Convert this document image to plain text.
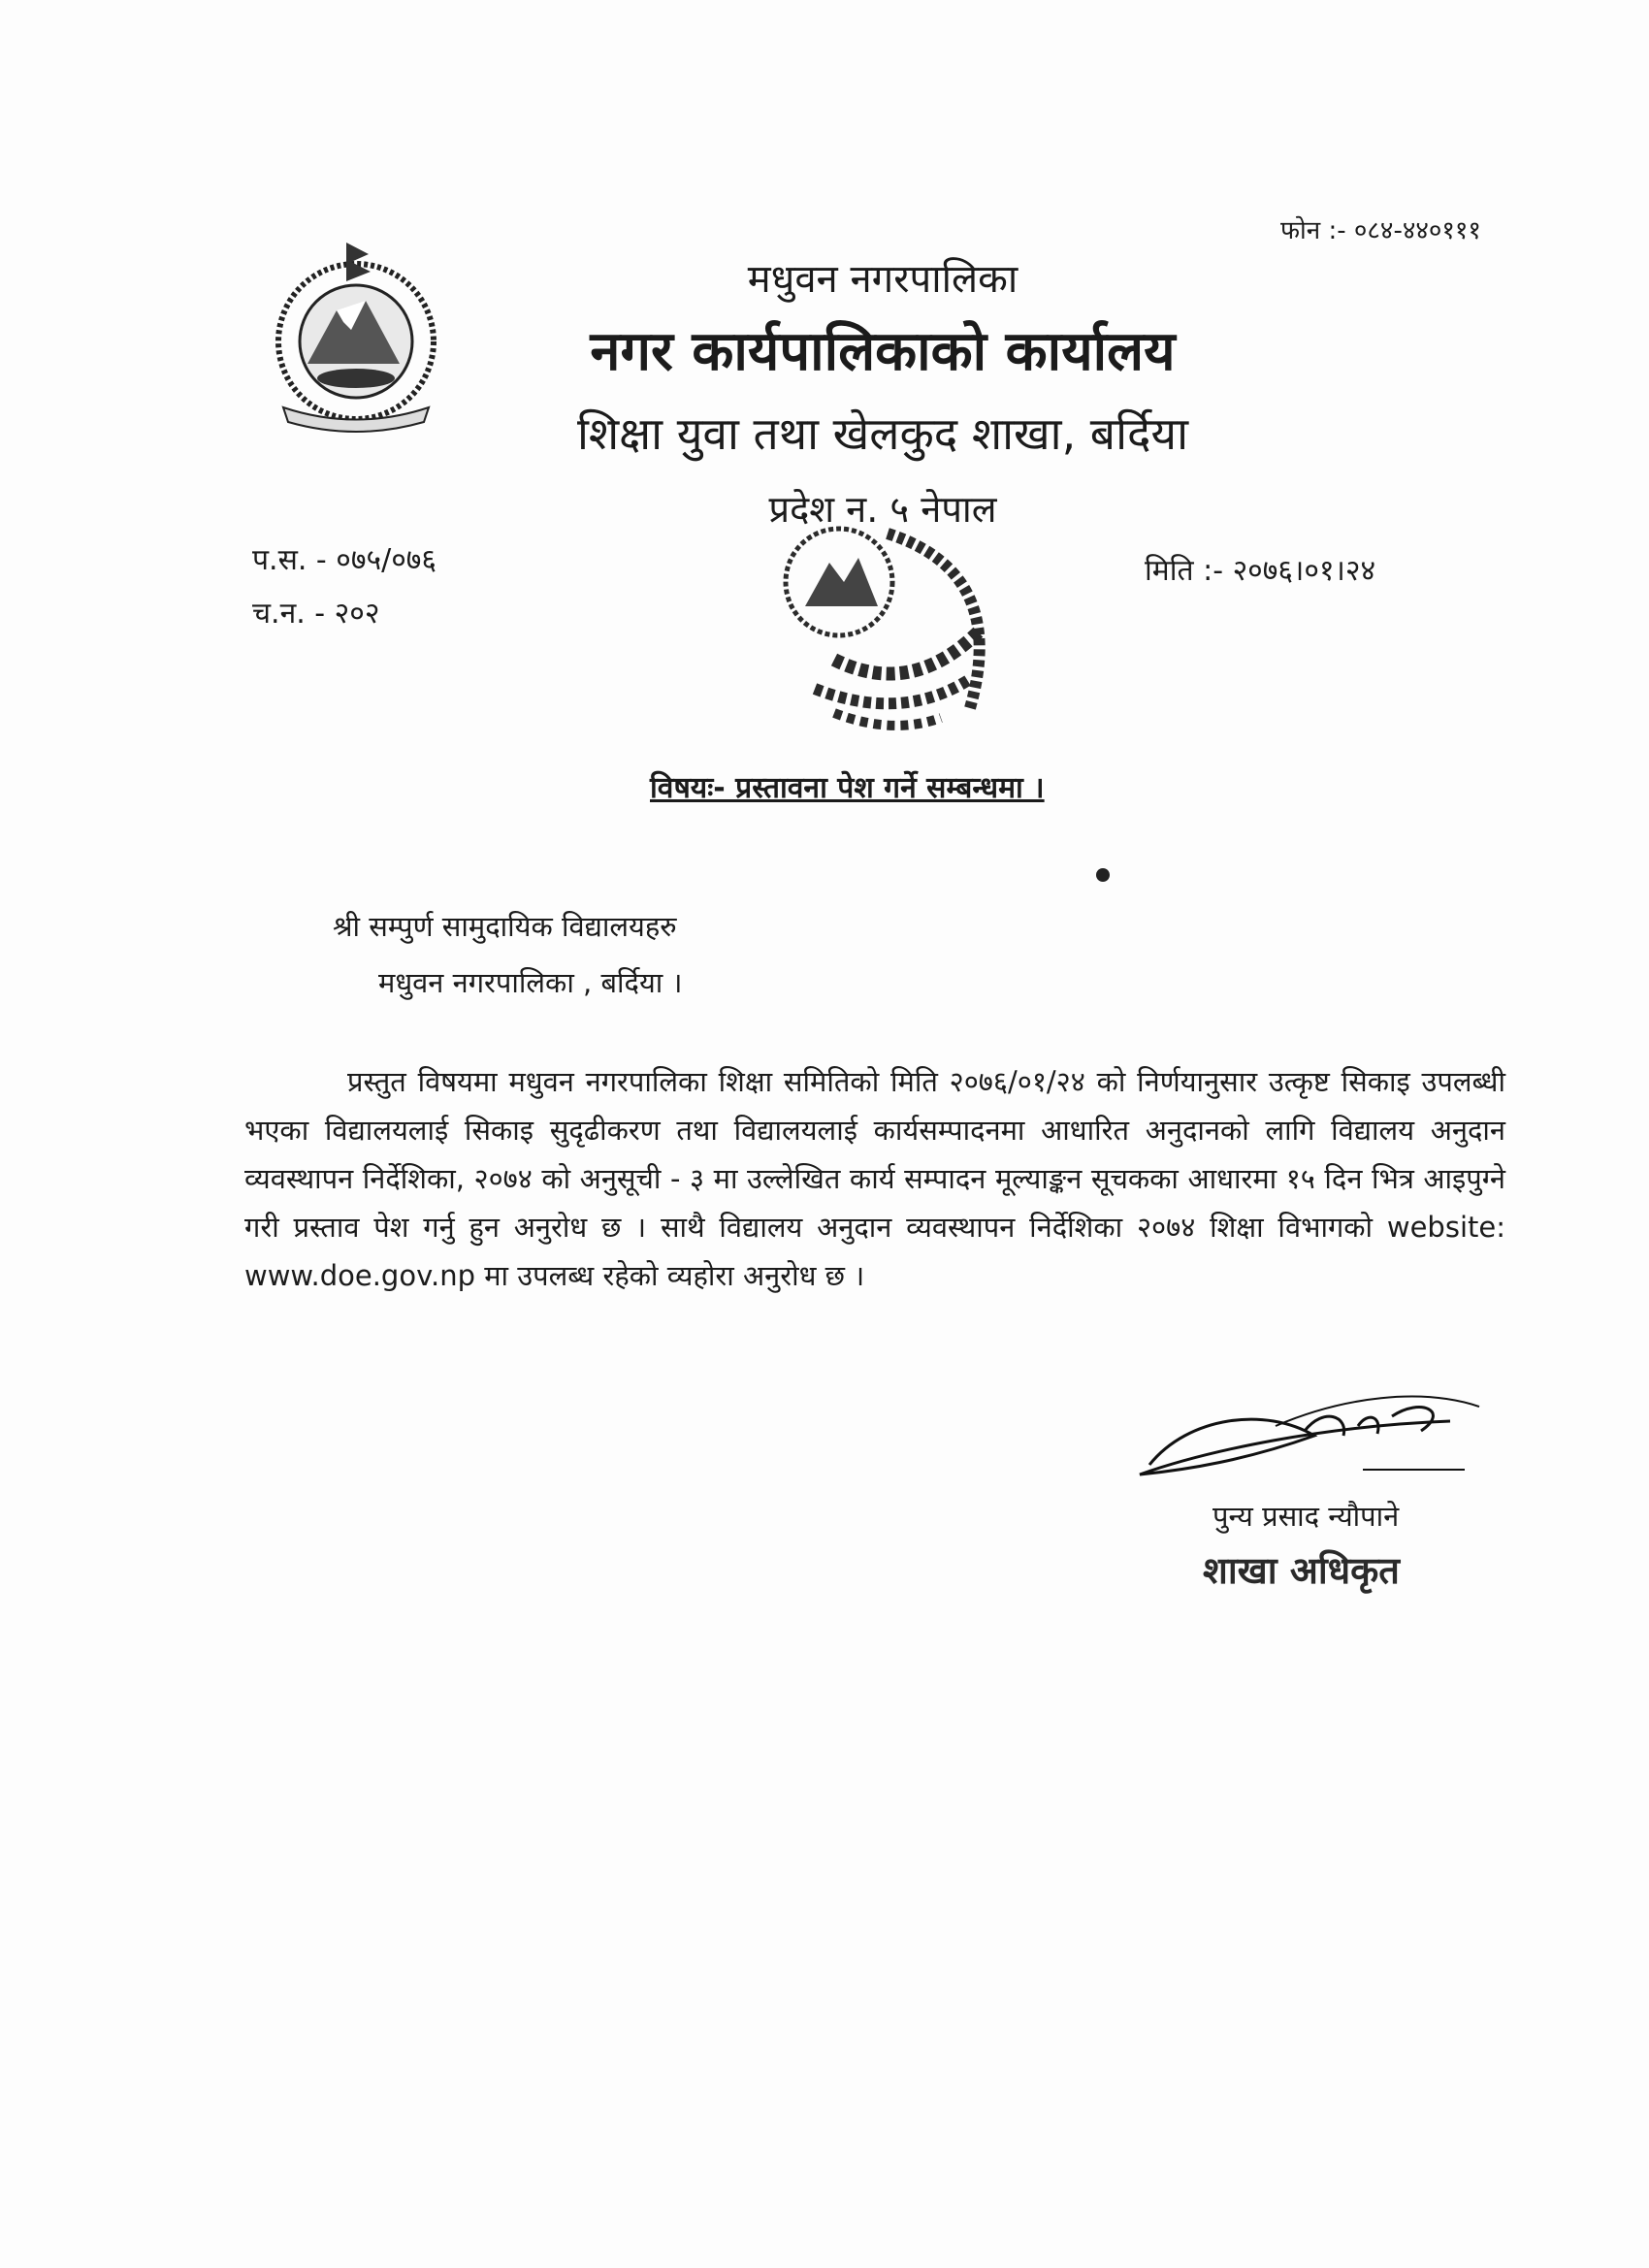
फोन :- ०८४-४४०१११
मधुवन नगरपालिका
नगर कार्यपालिकाको कार्यालय
शिक्षा युवा तथा खेलकुद शाखा, बर्दिया
प्रदेश न. ५ नेपाल
प.स. - ०७५/०७६
च.न. - २०२
मिति :- २०७६।०१।२४
विषयः- प्रस्तावना पेश गर्ने सम्बन्धमा ।
श्री सम्पुर्ण सामुदायिक विद्यालयहरु
मधुवन नगरपालिका , बर्दिया ।
प्रस्तुत विषयमा मधुवन नगरपालिका शिक्षा समितिको मिति २०७६/०१/२४ को निर्णयानुसार उत्कृष्ट सिकाइ उपलब्धी भएका विद्यालयलाई सिकाइ सुदृढीकरण तथा विद्यालयलाई कार्यसम्पादनमा आधारित अनुदानको लागि विद्यालय अनुदान व्यवस्थापन निर्देशिका, २०७४ को अनुसूची - ३ मा उल्लेखित कार्य सम्पादन मूल्याङ्कन सूचकका आधारमा १५ दिन भित्र आइपुग्ने गरी प्रस्ताव पेश गर्नु हुन अनुरोध छ । साथै विद्यालय अनुदान व्यवस्थापन निर्देशिका २०७४ शिक्षा विभागको website: www.doe.gov.np मा उपलब्ध रहेको व्यहोरा अनुरोध छ ।
पुन्य प्रसाद न्यौपाने
शाखा अधिकृत
